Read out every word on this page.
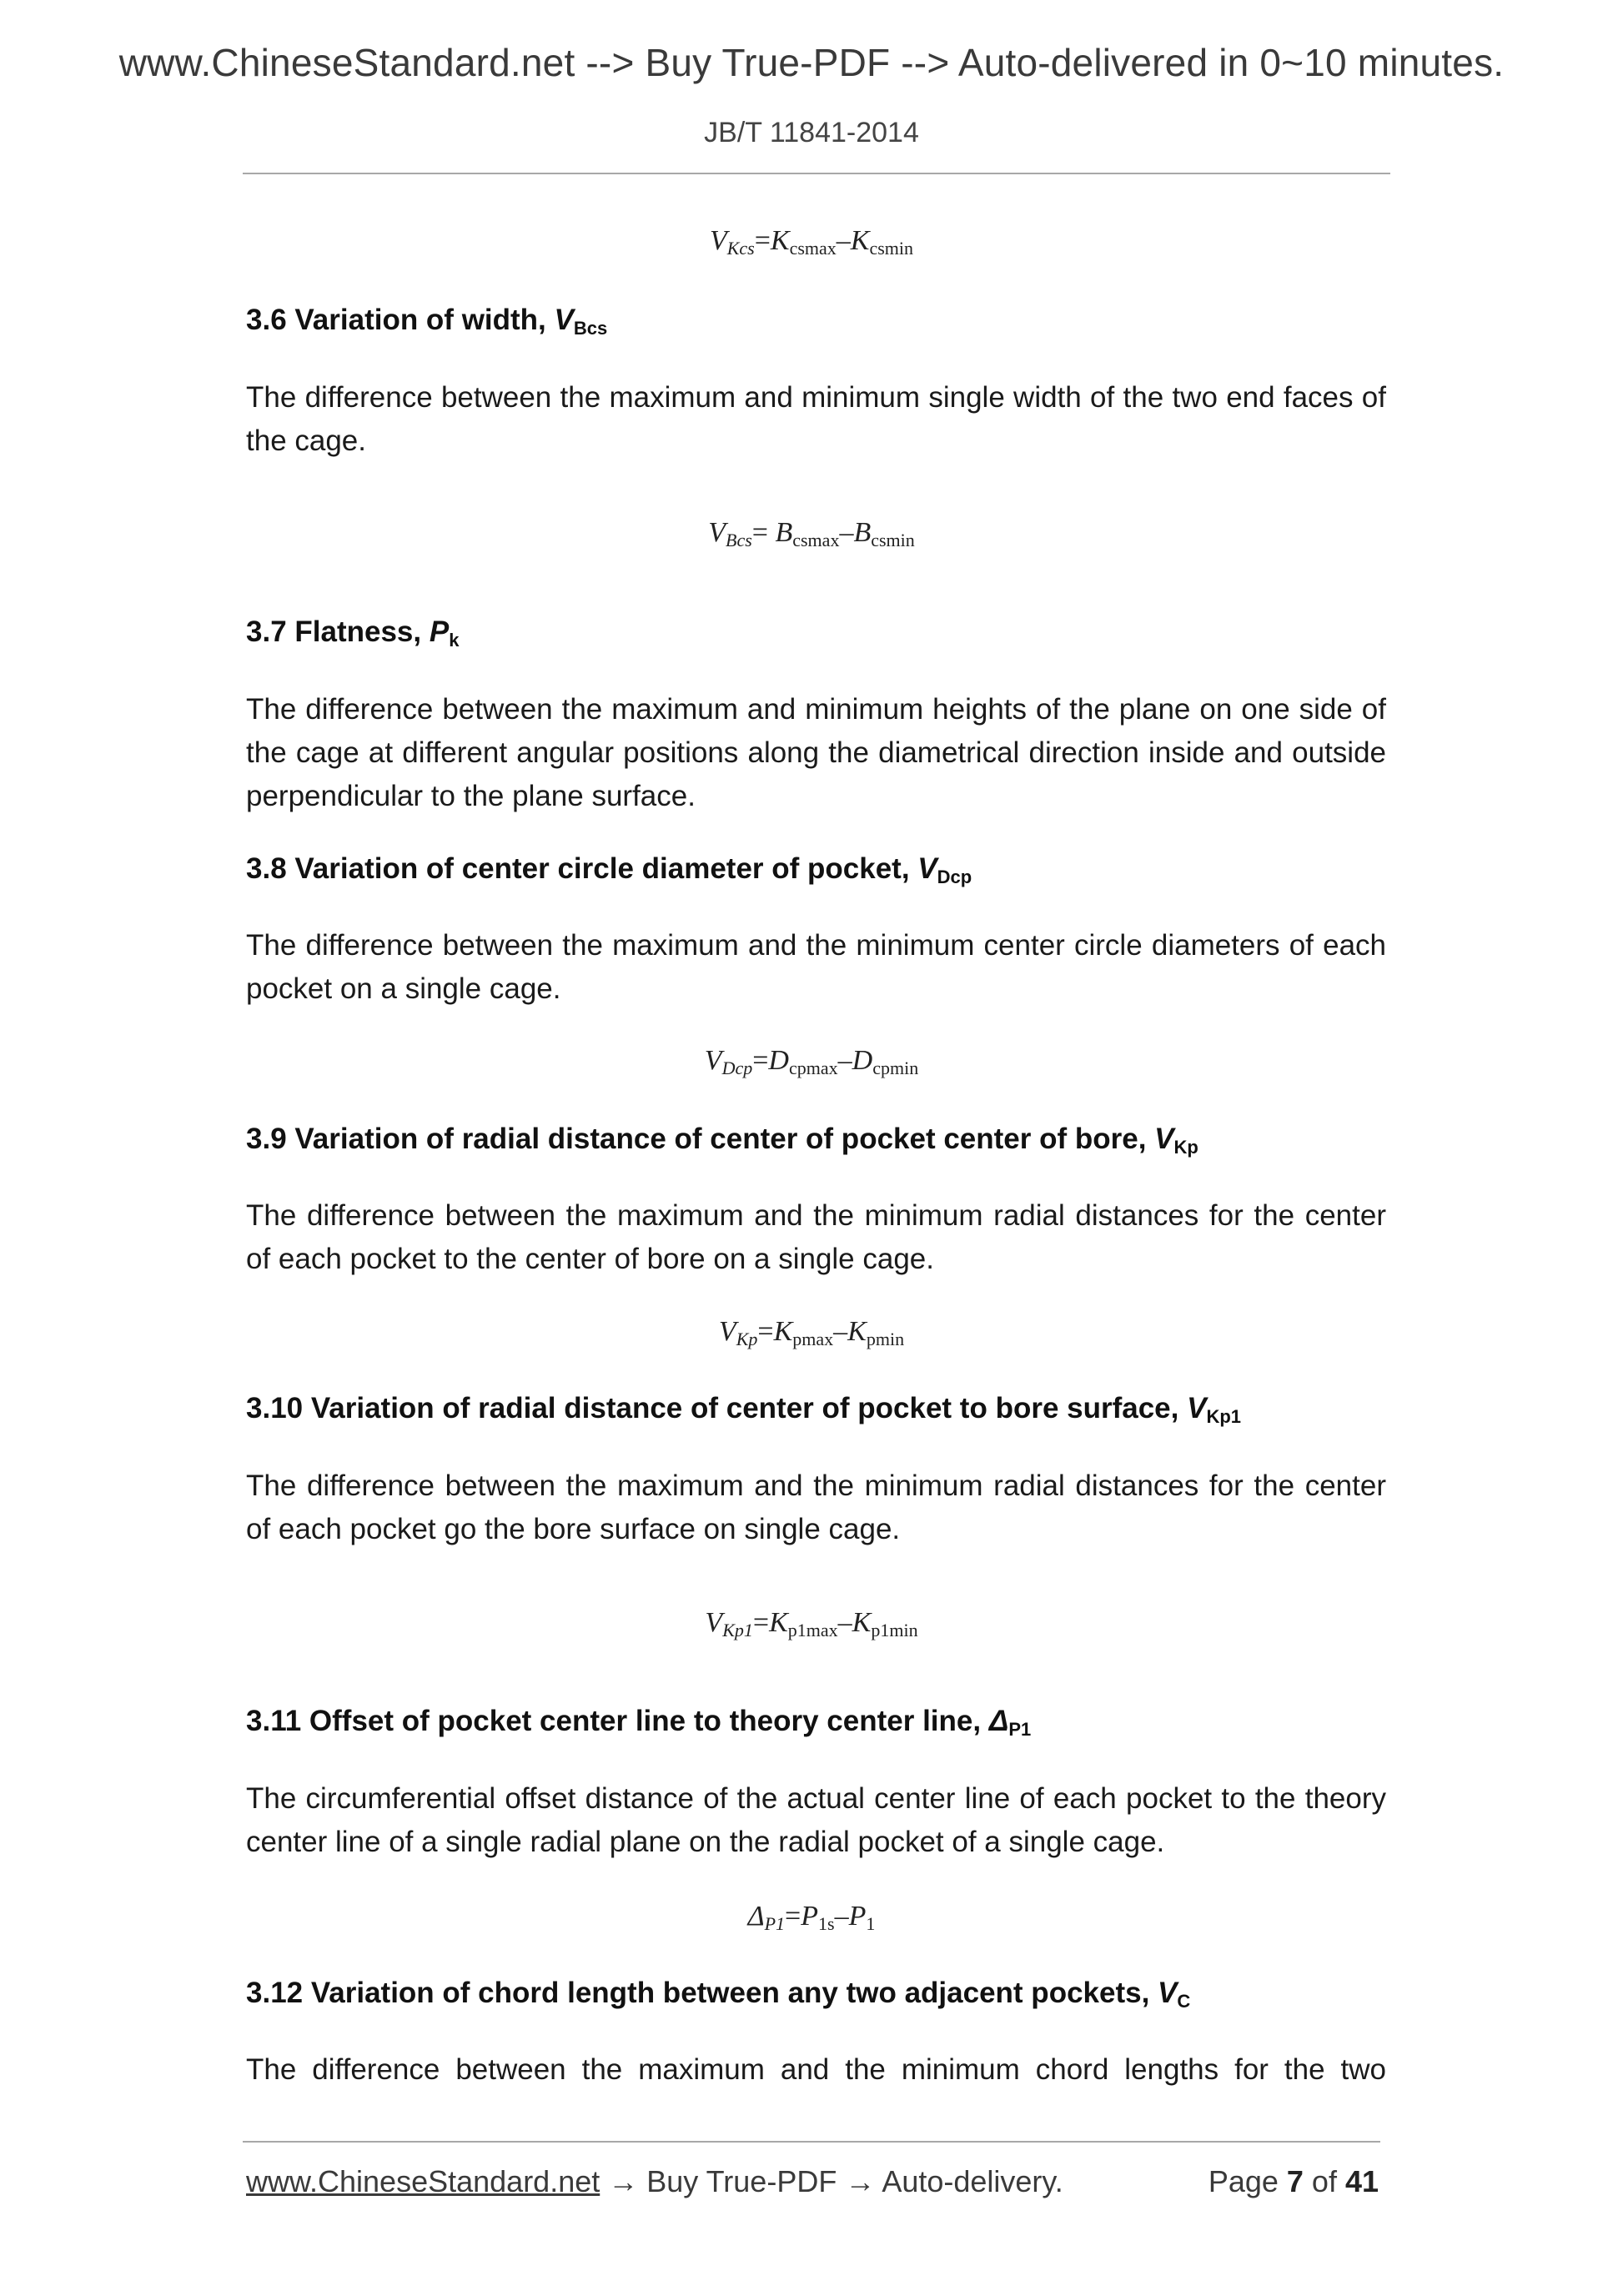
www.ChineseStandard.net --> Buy True-PDF --> Auto-delivered in 0~10 minutes.
JB/T 11841-2014
$V_{Kcs}=K_{csmax}-K_{csmin}$
3.6 Variation of width, $V_{Bcs}$
The difference between the maximum and minimum single width of the two end faces of the cage.
$V_{Bcs}= B_{csmax}-B_{csmin}$
3.7 Flatness, $P_k$
The difference between the maximum and minimum heights of the plane on one side of the cage at different angular positions along the diametrical direction inside and outside perpendicular to the plane surface.
3.8 Variation of center circle diameter of pocket, $V_{Dcp}$
The difference between the maximum and the minimum center circle diameters of each pocket on a single cage.
$V_{Dcp}=D_{cpmax}-D_{cpmin}$
3.9 Variation of radial distance of center of pocket center of bore, $V_{Kp}$
The difference between the maximum and the minimum radial distances for the center of each pocket to the center of bore on a single cage.
$V_{Kp}=K_{pmax}-K_{pmin}$
3.10 Variation of radial distance of center of pocket to bore surface, $V_{Kp1}$
The difference between the maximum and the minimum radial distances for the center of each pocket go the bore surface on single cage.
$V_{Kp1}=K_{p1max}-K_{p1min}$
3.11 Offset of pocket center line to theory center line, $\Delta_{P1}$
The circumferential offset distance of the actual center line of each pocket to the theory center line of a single radial plane on the radial pocket of a single cage.
$\Delta_{P1}=P_{1s}-P_1$
3.12 Variation of chord length between any two adjacent pockets, $V_C$
The difference between the maximum and the minimum chord lengths for the two
www.ChineseStandard.net → Buy True-PDF → Auto-delivery.	Page 7 of 41
